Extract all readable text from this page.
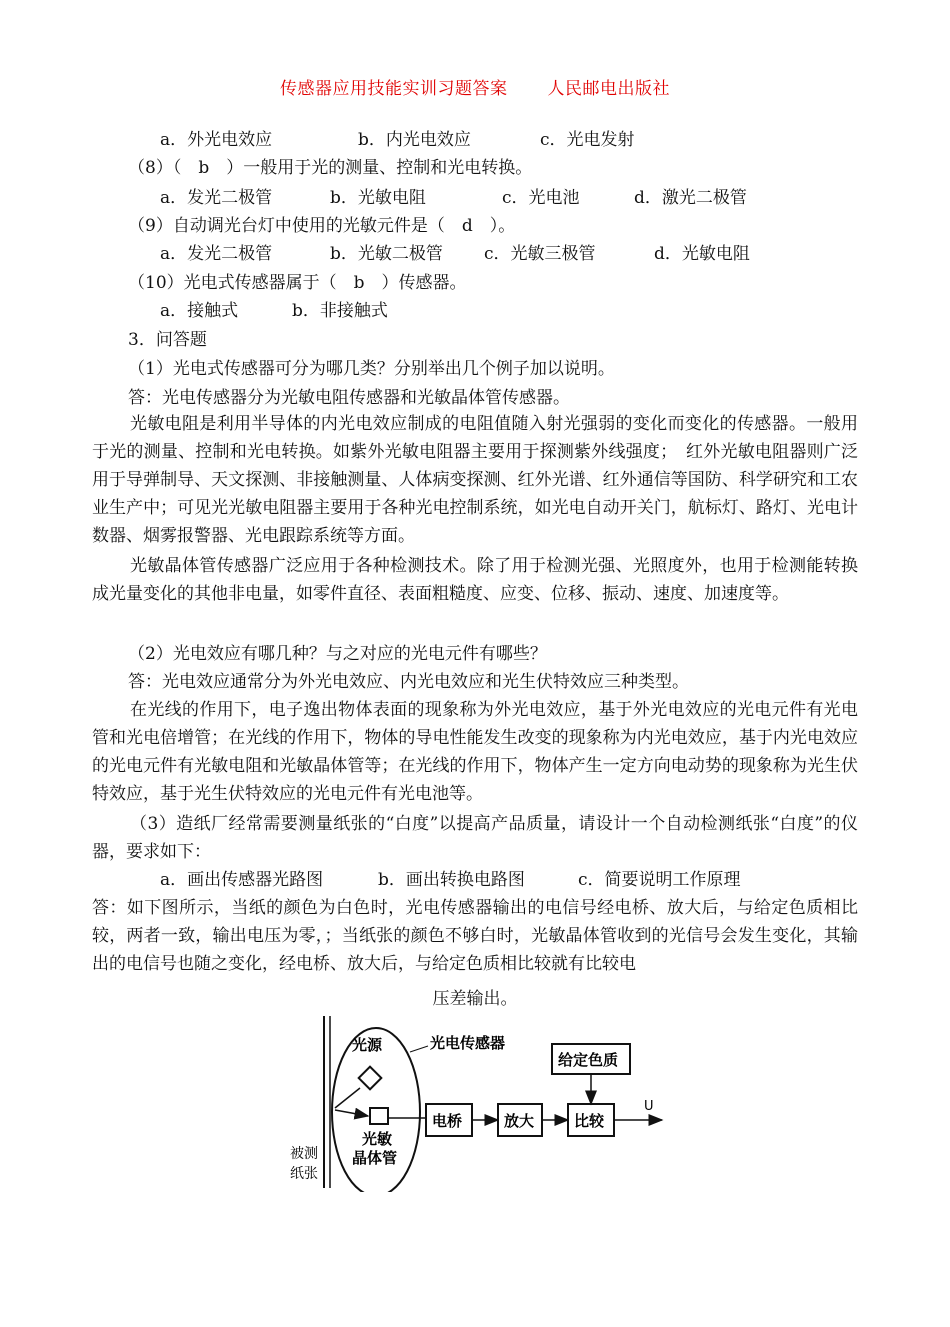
传感器应用技能实训习题答案 人民邮电出版社
a．外光电效应	b．内光电效应	c．光电发射
（8）（　b　）一般用于光的测量、控制和光电转换。
a．发光二极管	b．光敏电阻	c．光电池	d．激光二极管
（9）自动调光台灯中使用的光敏元件是（　d　）。
a．发光二极管	b．光敏二极管 c．光敏三极管	d．光敏电阻
（10）光电式传感器属于（　b　）传感器。
a．接触式	b．非接触式
3．问答题
（1）光电式传感器可分为哪几类？分别举出几个例子加以说明。
答：光电传感器分为光敏电阻传感器和光敏晶体管传感器。
光敏电阻是利用半导体的内光电效应制成的电阻值随入射光强弱的变化而变化的传感器。一般用于光的测量、控制和光电转换。如紫外光敏电阻器主要用于探测紫外线强度；　红外光敏电阻器则广泛用于导弹制导、天文探测、非接触测量、人体病变探测、红外光谱、红外通信等国防、科学研究和工农业生产中；可见光光敏电阻器主要用于各种光电控制系统，如光电自动开关门，航标灯、路灯、光电计数器、烟雾报警器、光电跟踪系统等方面。
光敏晶体管传感器广泛应用于各种检测技术。除了用于检测光强、光照度外，也用于检测能转换成光量变化的其他非电量，如零件直径、表面粗糙度、应变、位移、振动、速度、加速度等。
（2）光电效应有哪几种？与之对应的光电元件有哪些？
答：光电效应通常分为外光电效应、内光电效应和光生伏特效应三种类型。
在光线的作用下，电子逸出物体表面的现象称为外光电效应，基于外光电效应的光电元件有光电管和光电倍增管；在光线的作用下，物体的导电性能发生改变的现象称为内光电效应，基于内光电效应的光电元件有光敏电阻和光敏晶体管等；在光线的作用下，物体产生一定方向电动势的现象称为光生伏特效应，基于光生伏特效应的光电元件有光电池等。
（3）造纸厂经常需要测量纸张的“白度”以提高产品质量，请设计一个自动检测纸张“白度”的仪器，要求如下：
a．画出传感器光路图	b．画出转换电路图	c．简要说明工作原理
答：如下图所示，当纸的颜色为白色时，光电传感器输出的电信号经电桥、放大后，与给定色质相比较，两者一致，输出电压为零，；当纸张的颜色不够白时，光敏晶体管收到的光信号会发生变化，其输出的电信号也随之变化，经电桥、放大后，与给定色质相比较就有比较电
压差输出。
光源	光电传感器
光敏
晶体管
被测
纸张
电桥	放大	比较
给定色质
U
